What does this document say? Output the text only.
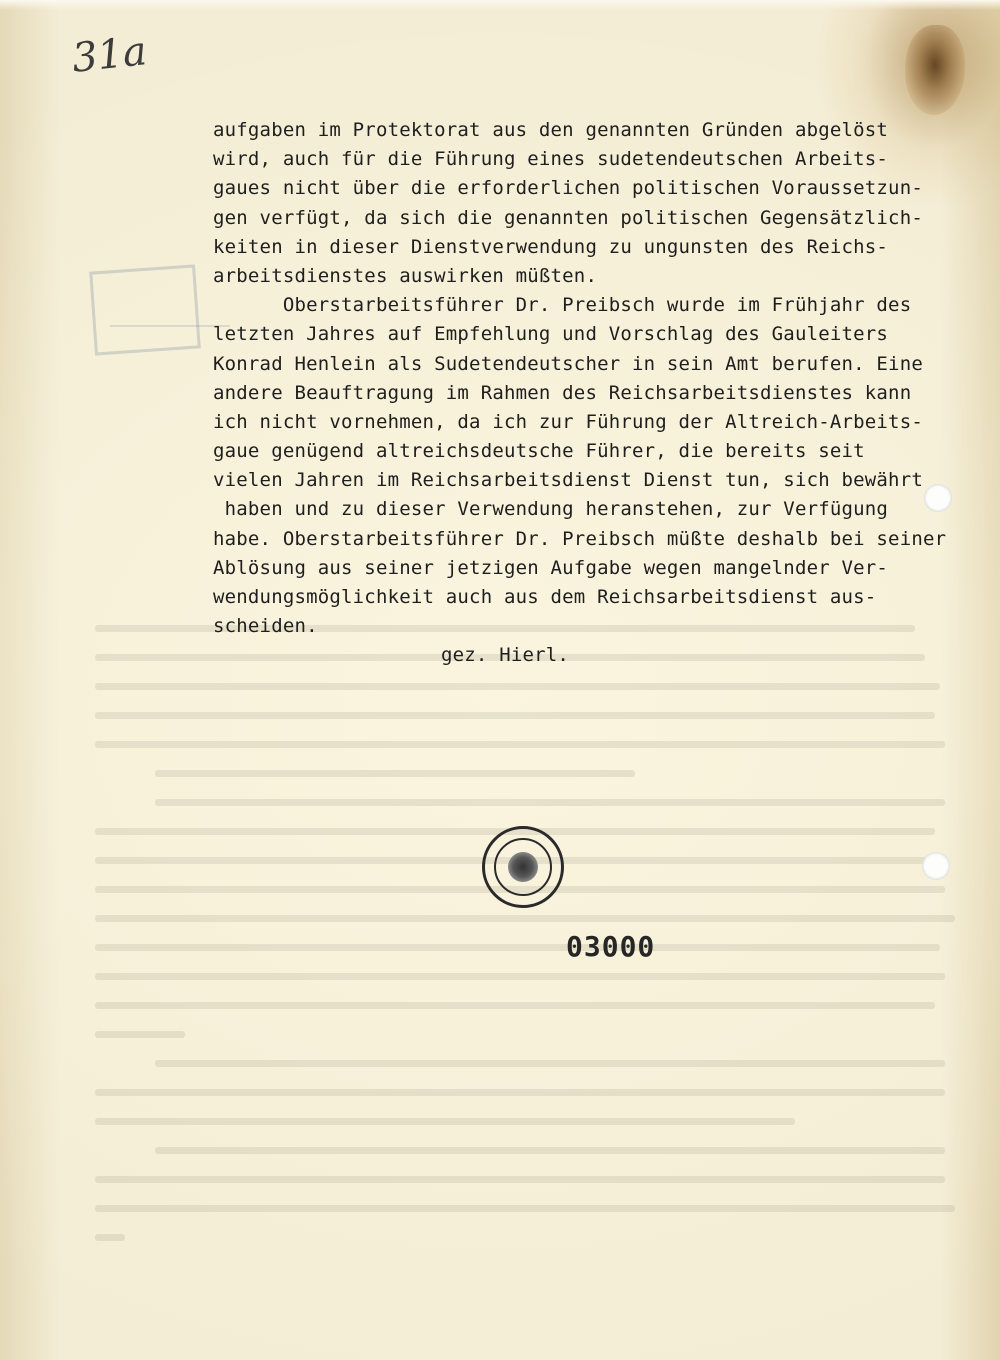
31a
aufgaben im Protektorat aus den genannten Gründen abgelöst
wird, auch für die Führung eines sudetendeutschen Arbeits-
gaues nicht über die erforderlichen politischen Voraussetzun-
gen verfügt, da sich die genannten politischen Gegensätzlich-
keiten in dieser Dienstverwendung zu ungunsten des Reichs-
arbeitsdienstes auswirken müßten.
Oberstarbeitsführer Dr. Preibsch wurde im Frühjahr des
letzten Jahres auf Empfehlung und Vorschlag des Gauleiters
Konrad Henlein als Sudetendeutscher in sein Amt berufen. Eine
andere Beauftragung im Rahmen des Reichsarbeitsdienstes kann
ich nicht vornehmen, da ich zur Führung der Altreich-Arbeits-
gaue genügend altreichsdeutsche Führer, die bereits seit
vielen Jahren im Reichsarbeitsdienst Dienst tun, sich bewährt
haben und zu dieser Verwendung heranstehen, zur Verfügung
habe. Oberstarbeitsführer Dr. Preibsch müßte deshalb bei seiner
Ablösung aus seiner jetzigen Aufgabe wegen mangelnder Ver-
wendungsmöglichkeit auch aus dem Reichsarbeitsdienst aus-
scheiden.
gez. Hierl.
03000
